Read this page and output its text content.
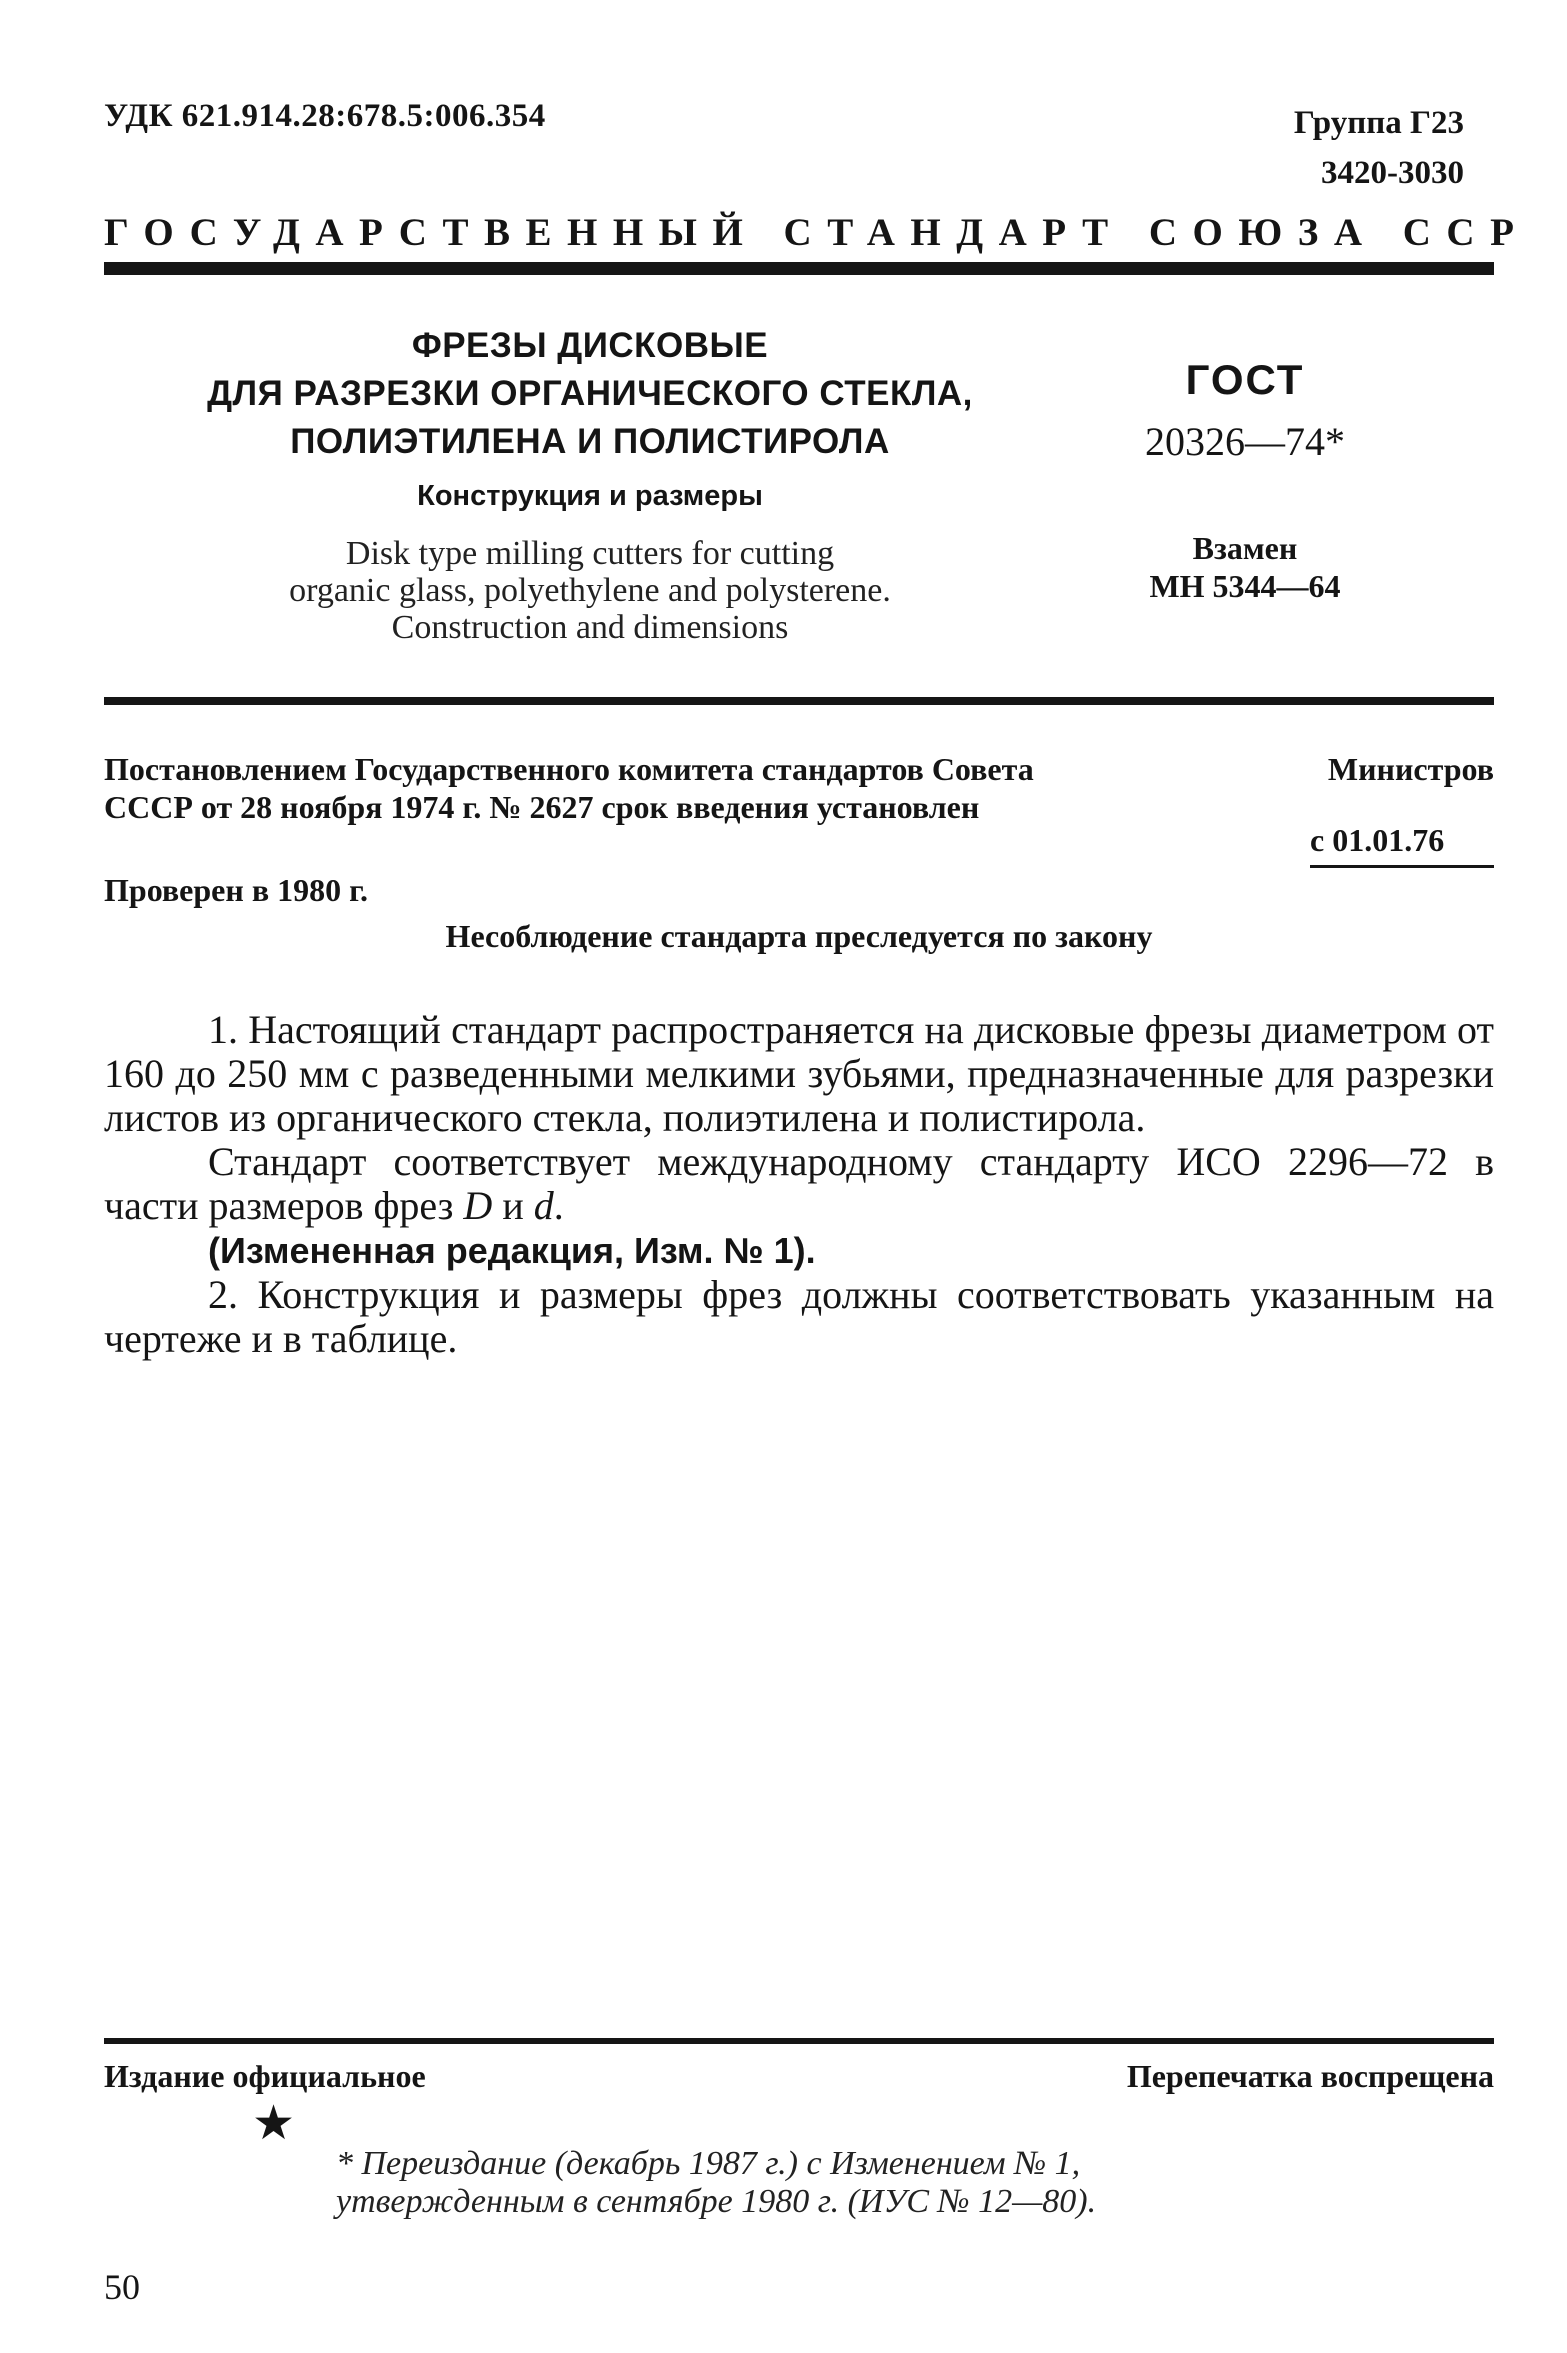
УДК 621.914.28:678.5:006.354	Группа Г23
3420-3030
ГОСУДАРСТВЕННЫЙ СТАНДАРТ СОЮЗА ССР
ФРЕЗЫ ДИСКОВЫЕ
ДЛЯ РАЗРЕЗКИ ОРГАНИЧЕСКОГО СТЕКЛА,
ПОЛИЭТИЛЕНА И ПОЛИСТИРОЛА
Конструкция и размеры
Disk type milling cutters for cutting
organic glass, polyethylene and polysterene.
Construction and dimensions
ГОСТ
20326—74*
Взамен
МН 5344—64
Постановлением Государственного комитета стандартов Совета	Министров
СССР от 28 ноября 1974 г. № 2627 срок введения установлен
с 01.01.76
Проверен в 1980 г.
Несоблюдение стандарта преследуется по закону
1. Настоящий стандарт распространяется на дисковые фрезы диаметром от 160 до 250 мм с разведенными мелкими зубьями, предназначенные для разрезки листов из органического стекла, полиэтилена и полистирола.
Стандарт соответствует международному стандарту ИСО 2296—72 в части размеров фрез D и d.
(Измененная редакция, Изм. № 1).
2. Конструкция и размеры фрез должны соответствовать указанным на чертеже и в таблице.
Издание официальное	Перепечатка воспрещена
★
* Переиздание (декабрь 1987 г.) с Изменением № 1,
утвержденным в сентябре 1980 г. (ИУС № 12—80).
50
